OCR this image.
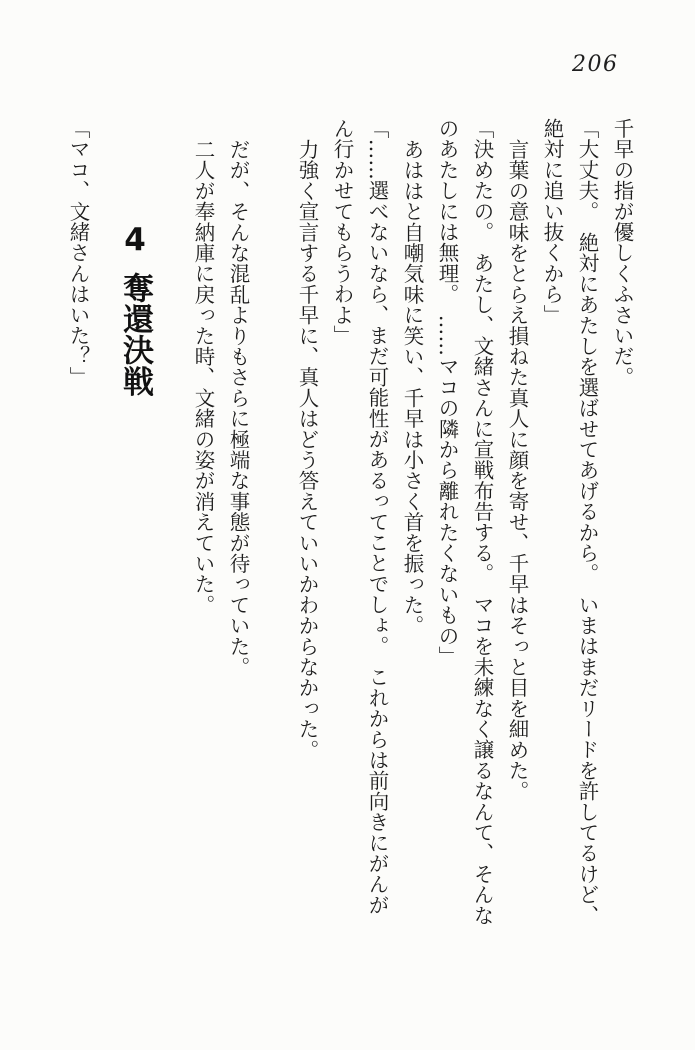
206

千早の指が優しくふさいだ。

「大丈夫。　絶対にあたしを選ばせてあげるから。　いまはまだリードを許してるけど、

絶対に追い抜くから」

言葉の意味をとらえ損ねた真人に顔を寄せ、千早はそっと目を細めた。

「決めたの。　あたし、文緒さんに宣戦布告する。　マコを未練なく譲るなんて、そんな

のあたしには無理。　……マコの隣から離れたくないもの」

あははと自嘲気味に笑い、千早は小さく首を振った。

「……選べないなら、まだ可能性があるってことでしょ。　これからは前向きにがんが

ん行かせてもらうわよ」

力強く宣言する千早に、真人はどう答えていいかわからなかった。

だが、そんな混乱よりもさらに極端な事態が待っていた。

二人が奉納庫に戻った時、文緒の姿が消えていた。

4奪還決戦

「マコ、文緒さんはいた？」
